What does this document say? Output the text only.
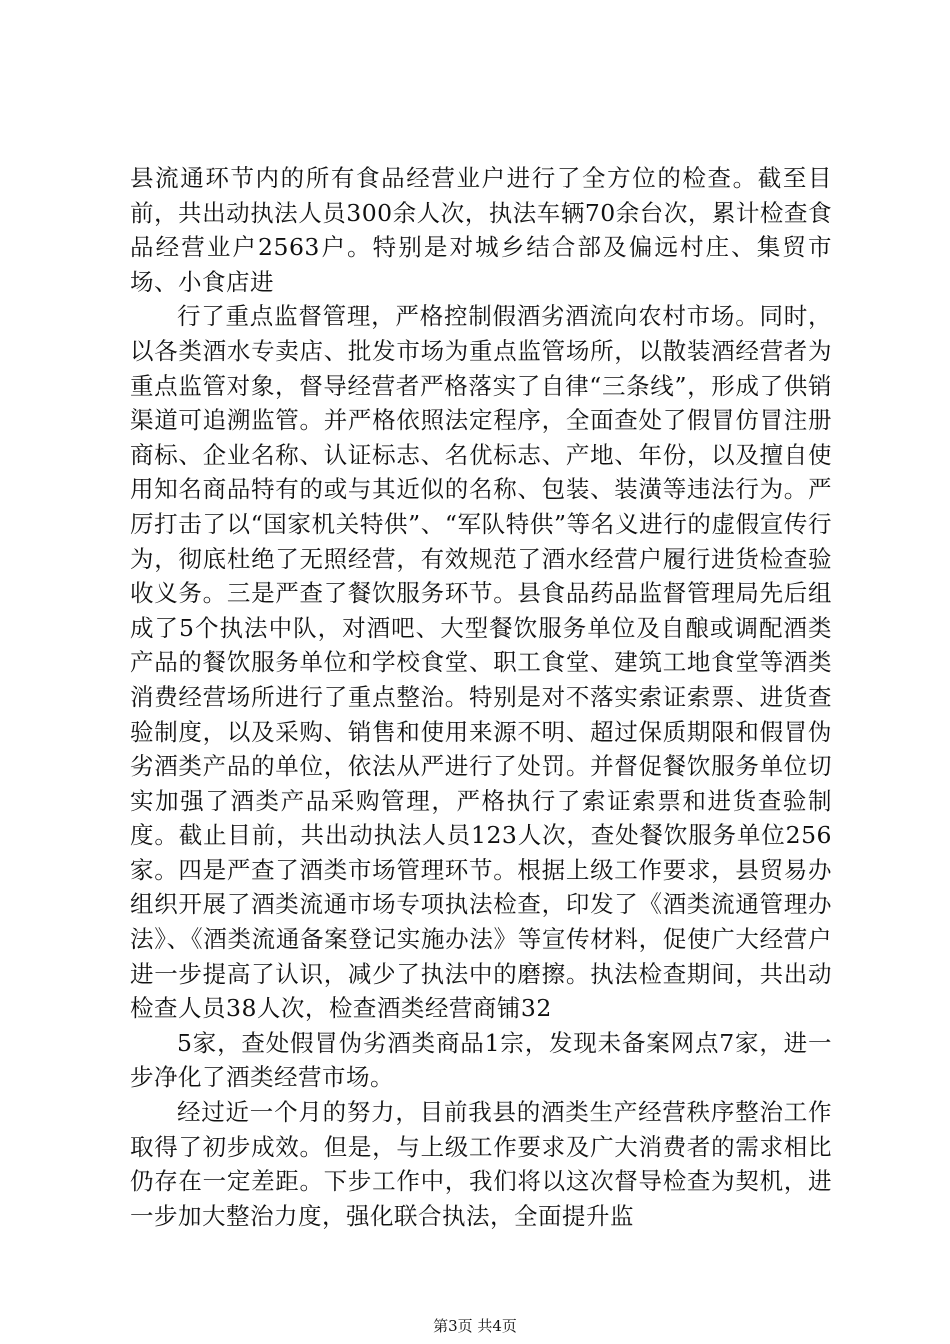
县流通环节内的所有食品经营业户进行了全方位的检查。截至目前，共出动执法人员300余人次，执法车辆70余台次，累计检查食品经营业户2563户。特别是对城乡结合部及偏远村庄、集贸市场、小食店进

行了重点监督管理，严格控制假酒劣酒流向农村市场。同时，以各类酒水专卖店、批发市场为重点监管场所，以散装酒经营者为重点监管对象，督导经营者严格落实了自律“三条线”，形成了供销渠道可追溯监管。并严格依照法定程序，全面查处了假冒仿冒注册商标、企业名称、认证标志、名优标志、产地、年份，以及擅自使用知名商品特有的或与其近似的名称、包装、装潢等违法行为。严厉打击了以“国家机关特供”、“军队特供”等名义进行的虚假宣传行为，彻底杜绝了无照经营，有效规范了酒水经营户履行进货检查验收义务。三是严查了餐饮服务环节。县食品药品监督管理局先后组成了5个执法中队，对酒吧、大型餐饮服务单位及自酿或调配酒类产品的餐饮服务单位和学校食堂、职工食堂、建筑工地食堂等酒类消费经营场所进行了重点整治。特别是对不落实索证索票、进货查验制度，以及采购、销售和使用来源不明、超过保质期限和假冒伪劣酒类产品的单位，依法从严进行了处罚。并督促餐饮服务单位切实加强了酒类产品采购管理，严格执行了索证索票和进货查验制度。截止目前，共出动执法人员123人次，查处餐饮服务单位256家。四是严查了酒类市场管理环节。根据上级工作要求，县贸易办组织开展了酒类流通市场专项执法检查，印发了《酒类流通管理办法》、《酒类流通备案登记实施办法》等宣传材料，促使广大经营户进一步提高了认识，减少了执法中的磨擦。执法检查期间，共出动检查人员38人次，检查酒类经营商铺32

5家，查处假冒伪劣酒类商品1宗，发现未备案网点7家，进一步净化了酒类经营市场。

经过近一个月的努力，目前我县的酒类生产经营秩序整治工作取得了初步成效。但是，与上级工作要求及广大消费者的需求相比仍存在一定差距。下步工作中，我们将以这次督导检查为契机，进一步加大整治力度，强化联合执法，全面提升监

第3页 共4页
